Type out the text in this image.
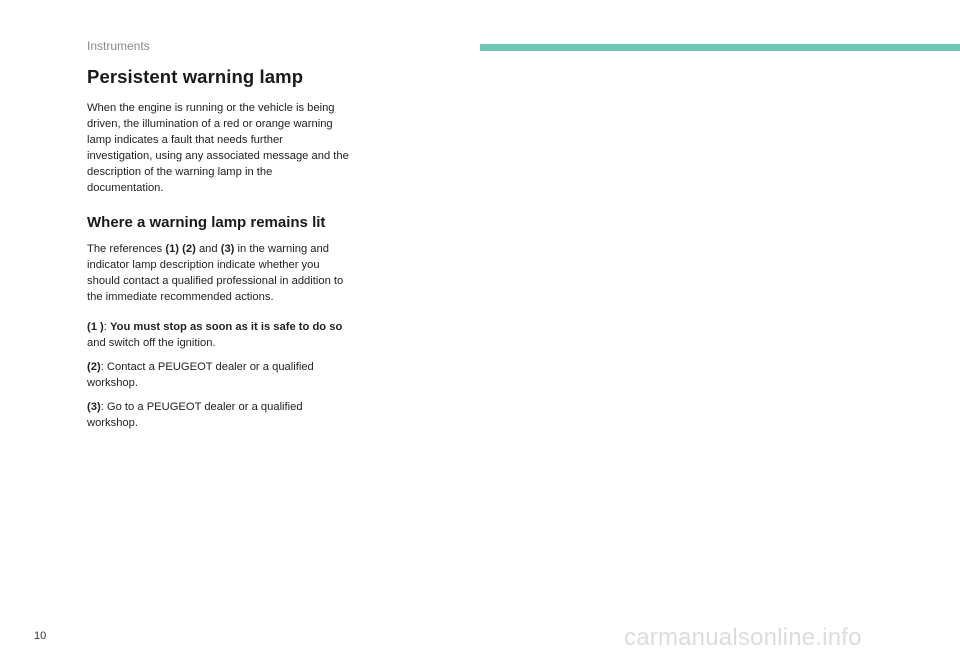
Instruments
Persistent warning lamp

When the engine is running or the vehicle is being driven, the illumination of a red or orange warning lamp indicates a fault that needs further investigation, using any associated message and the description of the warning lamp in the documentation.

Where a warning lamp remains lit

The references (1) (2) and (3) in the warning and indicator lamp description indicate whether you should contact a qualified professional in addition to the immediate recommended actions.

(1 ): You must stop as soon as it is safe to do so and switch off the ignition.

(2): Contact a PEUGEOT dealer or a qualified workshop.

(3): Go to a PEUGEOT dealer or a qualified workshop.

carmanualsonline.info
10
